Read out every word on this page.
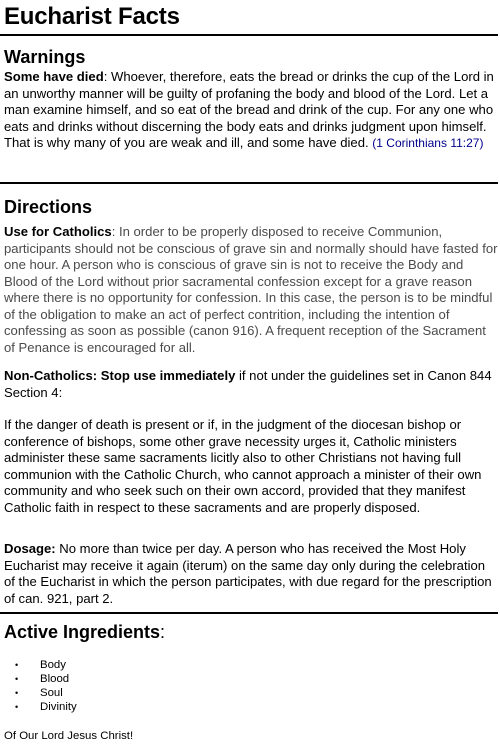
Eucharist Facts
Warnings
Some have died: Whoever, therefore, eats the bread or drinks the cup of the Lord in an unworthy manner will be guilty of profaning the body and blood of the Lord. Let a man examine himself, and so eat of the bread and drink of the cup. For any one who eats and drinks without discerning the body eats and drinks judgment upon himself. That is why many of you are weak and ill, and some have died. (1 Corinthians 11:27)
Directions
Use for Catholics: In order to be properly disposed to receive Communion, participants should not be conscious of grave sin and normally should have fasted for one hour. A person who is conscious of grave sin is not to receive the Body and Blood of the Lord without prior sacramental confession except for a grave reason where there is no opportunity for confession. In this case, the person is to be mindful of the obligation to make an act of perfect contrition, including the intention of confessing as soon as possible (canon 916). A frequent reception of the Sacrament of Penance is encouraged for all.
Non-Catholics: Stop use immediately if not under the guidelines set in Canon 844 Section 4:
If the danger of death is present or if, in the judgment of the diocesan bishop or conference of bishops, some other grave necessity urges it, Catholic ministers administer these same sacraments licitly also to other Christians not having full communion with the Catholic Church, who cannot approach a minister of their own community and who seek such on their own accord, provided that they manifest Catholic faith in respect to these sacraments and are properly disposed.
Dosage: No more than twice per day. A person who has received the Most Holy Eucharist may receive it again (iterum) on the same day only during the celebration of the Eucharist in which the person participates, with due regard for the prescription of can. 921, part 2.
Active Ingredients:
• Body
• Blood
• Soul
• Divinity
Of Our Lord Jesus Christ!
